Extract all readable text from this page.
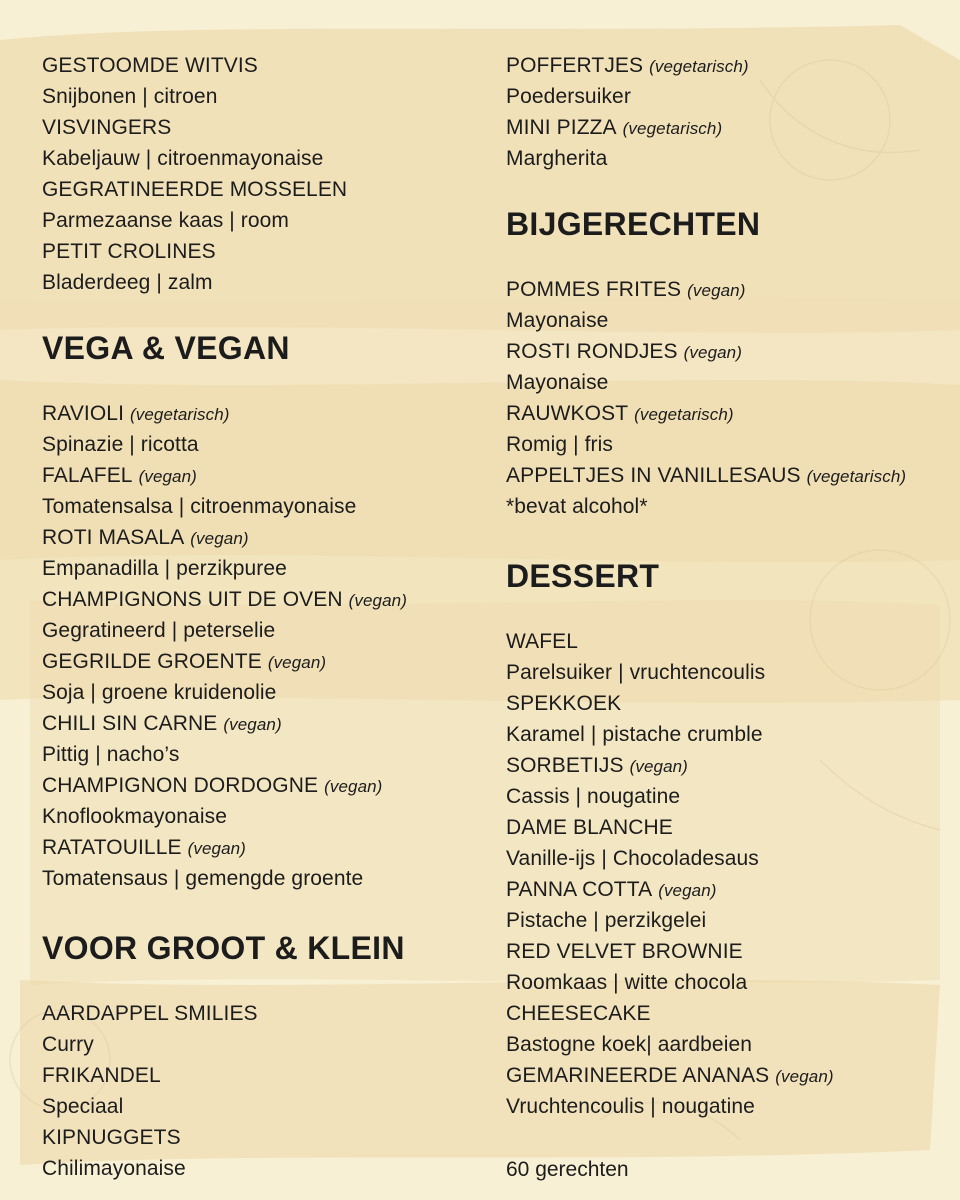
GESTOOMDE WITVIS
Snijbonen | citroen
VISVINGERS
Kabeljauw | citroenmayonaise
GEGRATINEERDE MOSSELEN
Parmezaanse kaas | room
PETIT CROLINES
Bladerdeeg | zalm
VEGA & VEGAN
RAVIOLI (vegetarisch)
Spinazie | ricotta
FALAFEL (vegan)
Tomatensalsa | citroenmayonaise
ROTI MASALA (vegan)
Empanadilla | perzikpuree
CHAMPIGNONS UIT DE OVEN (vegan)
Gegratineerd | peterselie
GEGRILDE GROENTE (vegan)
Soja | groene kruidenolie
CHILI SIN CARNE (vegan)
Pittig | nacho’s
CHAMPIGNON DORDOGNE (vegan)
Knoflookmayonaise
RATATOUILLE (vegan)
Tomatensaus | gemengde groente
VOOR GROOT & KLEIN
AARDAPPEL SMILIES
Curry
FRIKANDEL
Speciaal
KIPNUGGETS
Chilimayonaise
POFFERTJES (vegetarisch)
Poedersuiker
MINI PIZZA (vegetarisch)
Margherita
BIJGERECHTEN
POMMES FRITES (vegan)
Mayonaise
ROSTI RONDJES (vegan)
Mayonaise
RAUWKOST (vegetarisch)
Romig | fris
APPELTJES IN VANILLESAUS (vegetarisch)
*bevat alcohol*
DESSERT
WAFEL
Parelsuiker | vruchtencoulis
SPEKKOEK
Karamel | pistache crumble
SORBETIJS (vegan)
Cassis | nougatine
DAME BLANCHE
Vanille-ijs | Chocoladesaus
PANNA COTTA (vegan)
Pistache | perzikgelei
RED VELVET BROWNIE
Roomkaas | witte chocola
CHEESECAKE
Bastogne koek| aardbeien
GEMARINEERDE ANANAS (vegan)
Vruchtencoulis | nougatine
60 gerechten
